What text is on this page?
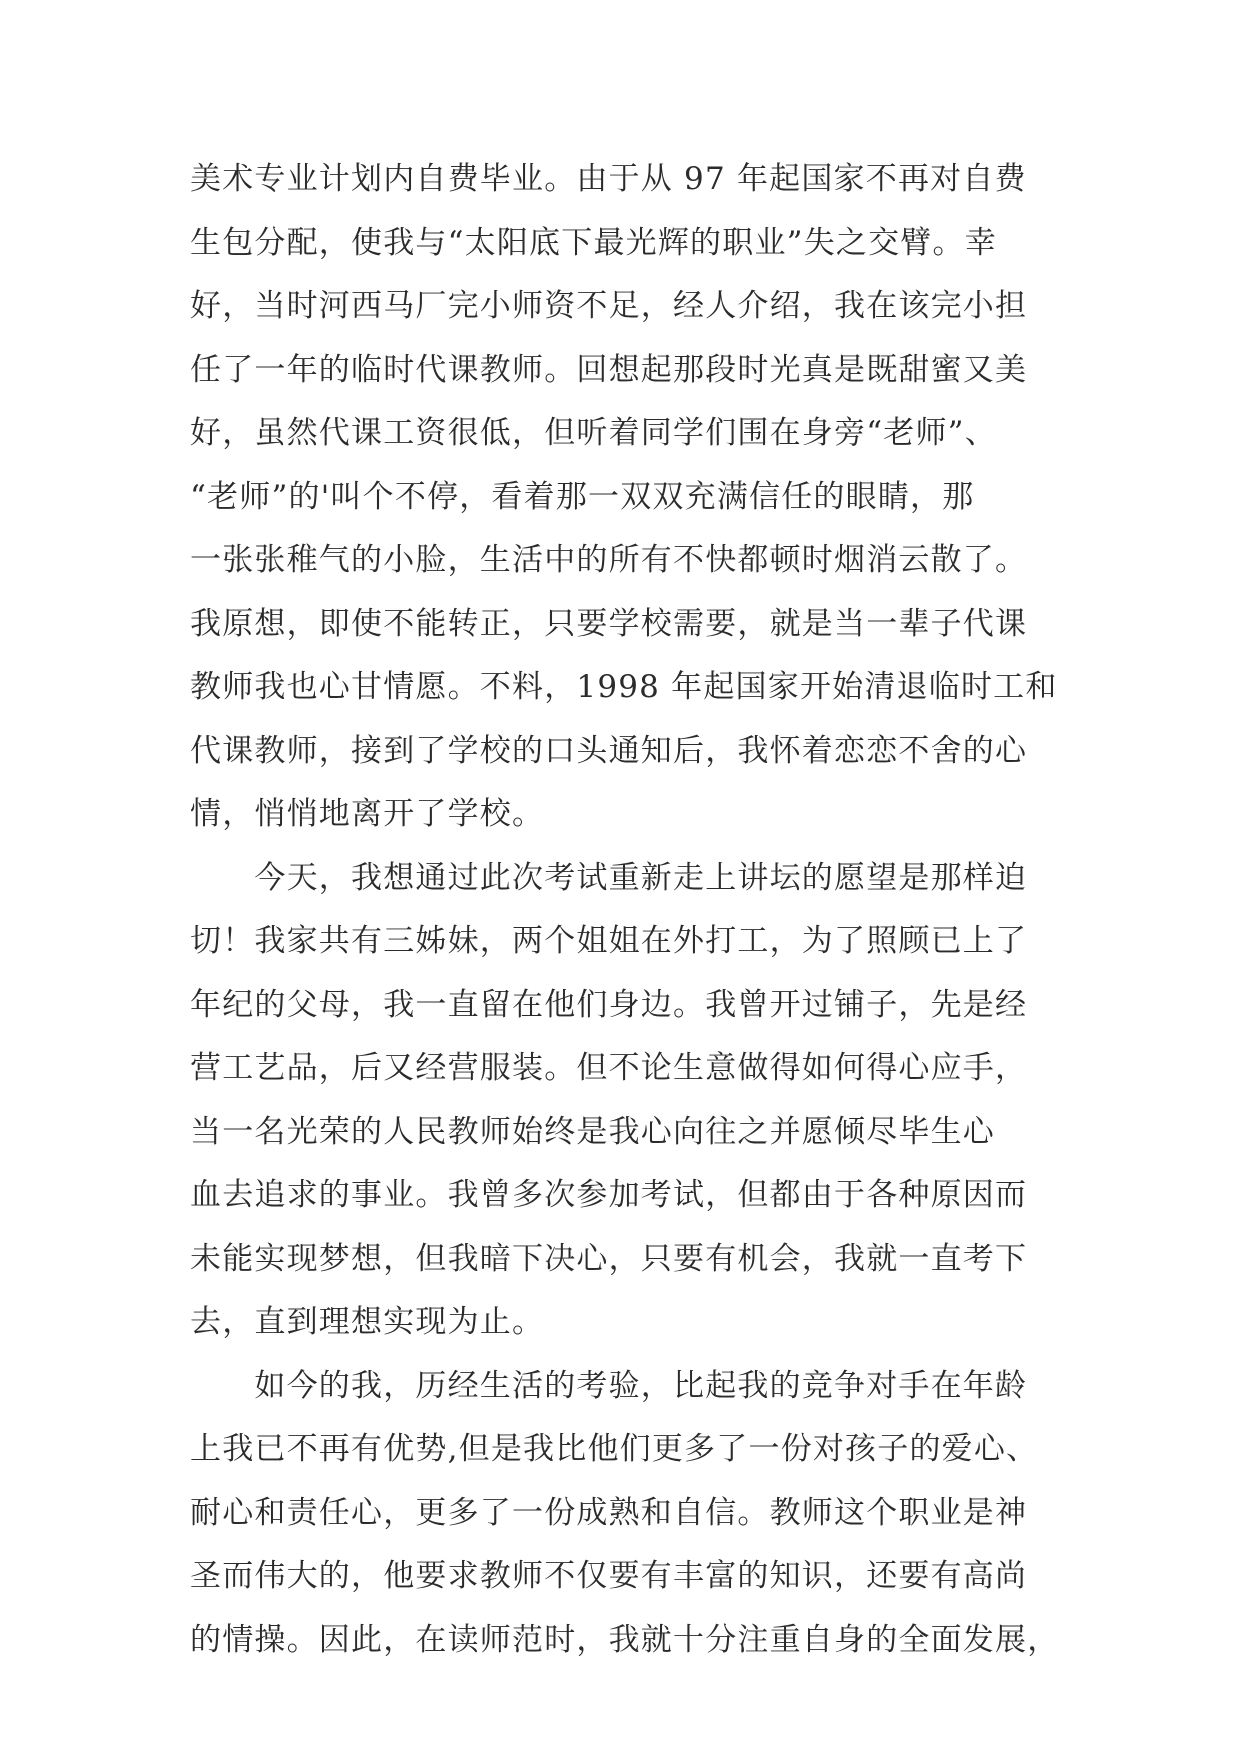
美术专业计划内自费毕业。由于从 97 年起国家不再对自费
生包分配，使我与“太阳底下最光辉的职业”失之交臂。幸
好，当时河西马厂完小师资不足，经人介绍，我在该完小担
任了一年的临时代课教师。回想起那段时光真是既甜蜜又美
好，虽然代课工资很低，但听着同学们围在身旁“老师”、
“老师”的'叫个不停，看着那一双双充满信任的眼睛，那
一张张稚气的小脸，生活中的所有不快都顿时烟消云散了。
我原想，即使不能转正，只要学校需要，就是当一辈子代课
教师我也心甘情愿。不料，1998 年起国家开始清退临时工和
代课教师，接到了学校的口头通知后，我怀着恋恋不舍的心
情，悄悄地离开了学校。
　　今天，我想通过此次考试重新走上讲坛的愿望是那样迫
切！我家共有三姊妹，两个姐姐在外打工，为了照顾已上了
年纪的父母，我一直留在他们身边。我曾开过铺子，先是经
营工艺品，后又经营服装。但不论生意做得如何得心应手，
当一名光荣的人民教师始终是我心向往之并愿倾尽毕生心
血去追求的事业。我曾多次参加考试，但都由于各种原因而
未能实现梦想，但我暗下决心，只要有机会，我就一直考下
去，直到理想实现为止。
　　如今的我，历经生活的考验，比起我的竞争对手在年龄
上我已不再有优势,但是我比他们更多了一份对孩子的爱心、
耐心和责任心，更多了一份成熟和自信。教师这个职业是神
圣而伟大的，他要求教师不仅要有丰富的知识，还要有高尚
的情操。因此，在读师范时，我就十分注重自身的全面发展，
